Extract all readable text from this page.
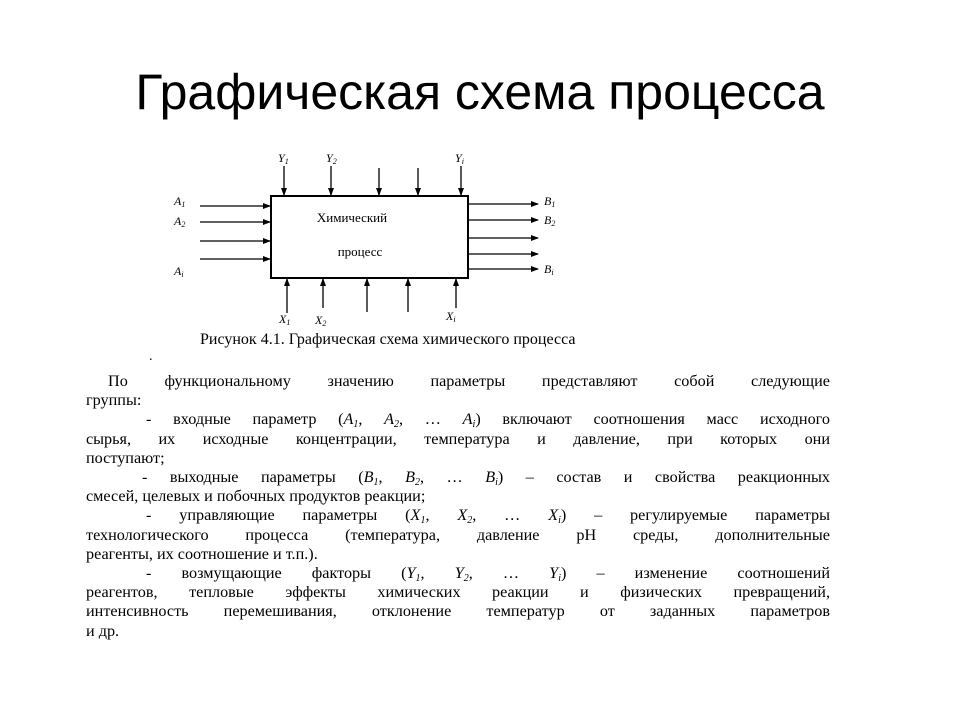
Графическая схема процесса
Химический
процесс
Y1	Y2	Yi
A1
A2
Ai
B1
B2
Bi
X1 X2
Xi
Рисунок 4.1. Графическая схема химического процесса
.

По функциональному значению параметры представляют собой следующие
группы:

- входные параметр ($A_1$, $A_2$, … $A_i$) включают соотношения масс исходного
сырья, их исходные концентрации, температура и давление, при которых они
поступают;

- выходные параметры ($B_1$, $B_2$, … $B_i$) – состав и свойства реакционных
смесей, целевых и побочных продуктов реакции;

- управляющие параметры ($X_1$, $X_2$, … $X_i$) – регулируемые параметры
технологического процесса (температура, давление pH среды, дополнительные
реагенты, их соотношение и т.п.).

- возмущающие факторы ($Y_1$, $Y_2$, … $Y_i$) – изменение соотношений
реагентов, тепловые эффекты химических реакции и физических превращений,
интенсивность перемешивания, отклонение температур от заданных параметров
и др.
